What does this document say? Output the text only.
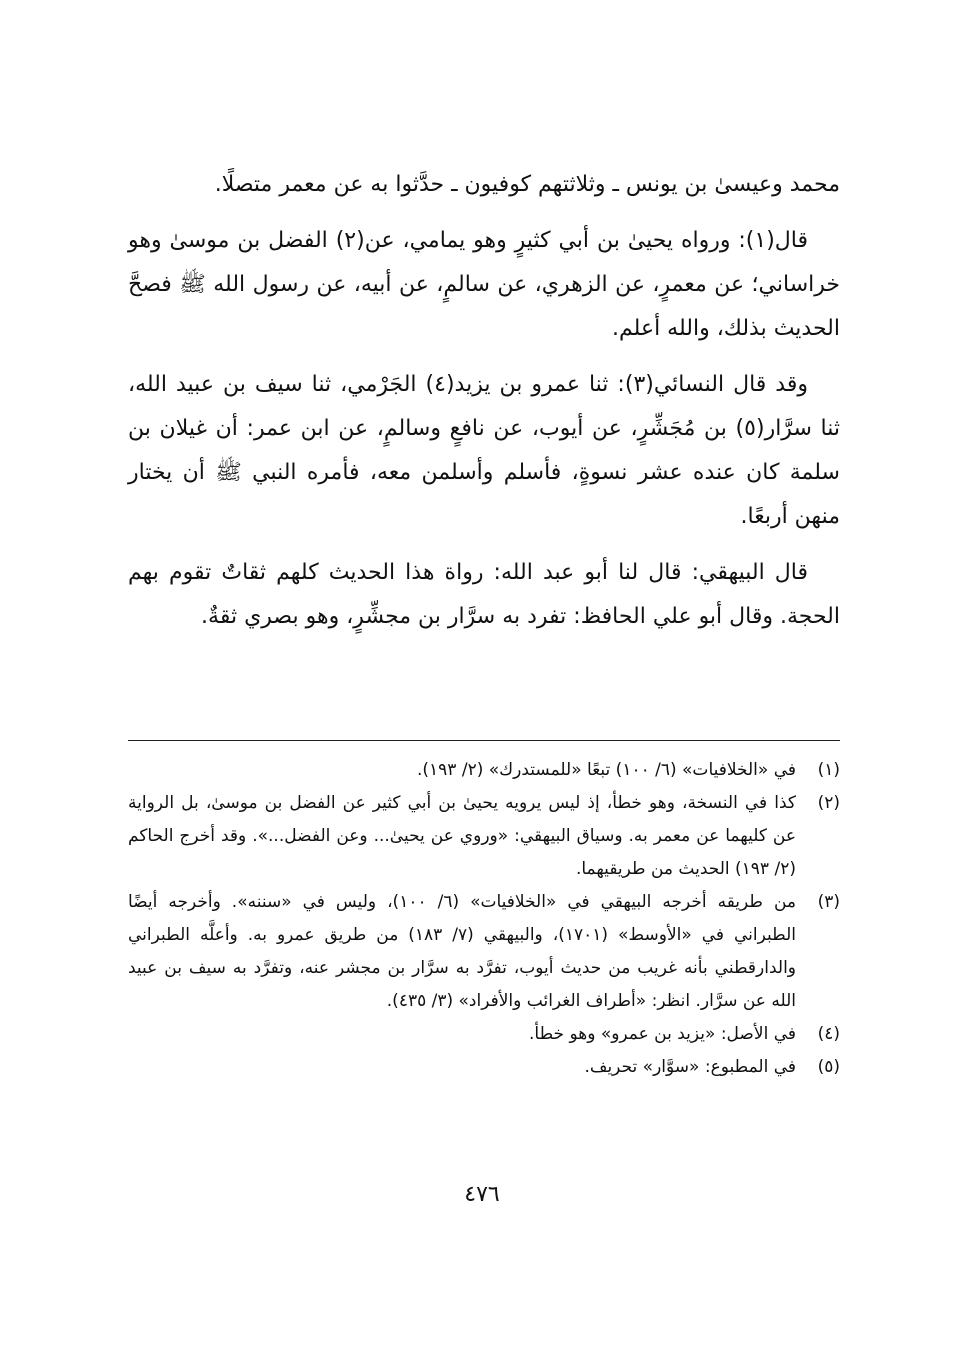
محمد وعيسىٰ بن يونس ـ وثلاثتهم كوفيون ـ حدَّثوا به عن معمر متصلًا.

قال(١): ورواه يحيىٰ بن أبي كثيرٍ وهو يمامي، عن(٢) الفضل بن موسىٰ وهو خراساني؛ عن معمرٍ، عن الزهري، عن سالمٍ، عن أبيه، عن رسول الله ﷺ فصحَّ الحديث بذلك، والله أعلم.

وقد قال النسائي(٣): ثنا عمرو بن يزيد(٤) الجَرْمي، ثنا سيف بن عبيد الله، ثنا سرَّار(٥) بن مُجَشِّرٍ، عن أيوب، عن نافعٍ وسالمٍ، عن ابن عمر: أن غيلان بن سلمة كان عنده عشر نسوةٍ، فأسلم وأسلمن معه، فأمره النبي ﷺ أن يختار منهن أربعًا.

قال البيهقي: قال لنا أبو عبد الله: رواة هذا الحديث كلهم ثقاتٌ تقوم بهم الحجة. وقال أبو علي الحافظ: تفرد به سرَّار بن مجشِّرٍ، وهو بصري ثقةٌ.

(١)
في «الخلافيات» (٦/ ١٠٠) تبعًا «للمستدرك» (٢/ ١٩٣).
(٢)
كذا في النسخة، وهو خطأ، إذ ليس يرويه يحيىٰ بن أبي كثير عن الفضل بن موسىٰ، بل الرواية عن كليهما عن معمر به. وسياق البيهقي: «وروي عن يحيىٰ... وعن الفضل...». وقد أخرج الحاكم (٢/ ١٩٣) الحديث من طريقيهما.
(٣)
من طريقه أخرجه البيهقي في «الخلافيات» (٦/ ١٠٠)، وليس في «سننه». وأخرجه أيضًا الطبراني في «الأوسط» (١٧٠١)، والبيهقي (٧/ ١٨٣) من طريق عمرو به. وأعلَّه الطبراني والدارقطني بأنه غريب من حديث أيوب، تفرَّد به سرَّار بن مجشر عنه، وتفرَّد به سيف بن عبيد الله عن سرَّار. انظر: «أطراف الغرائب والأفراد» (٣/ ٤٣٥).
(٤)
في الأصل: «يزيد بن عمرو» وهو خطأ.
(٥)
في المطبوع: «سوَّار» تحريف.
٤٧٦
